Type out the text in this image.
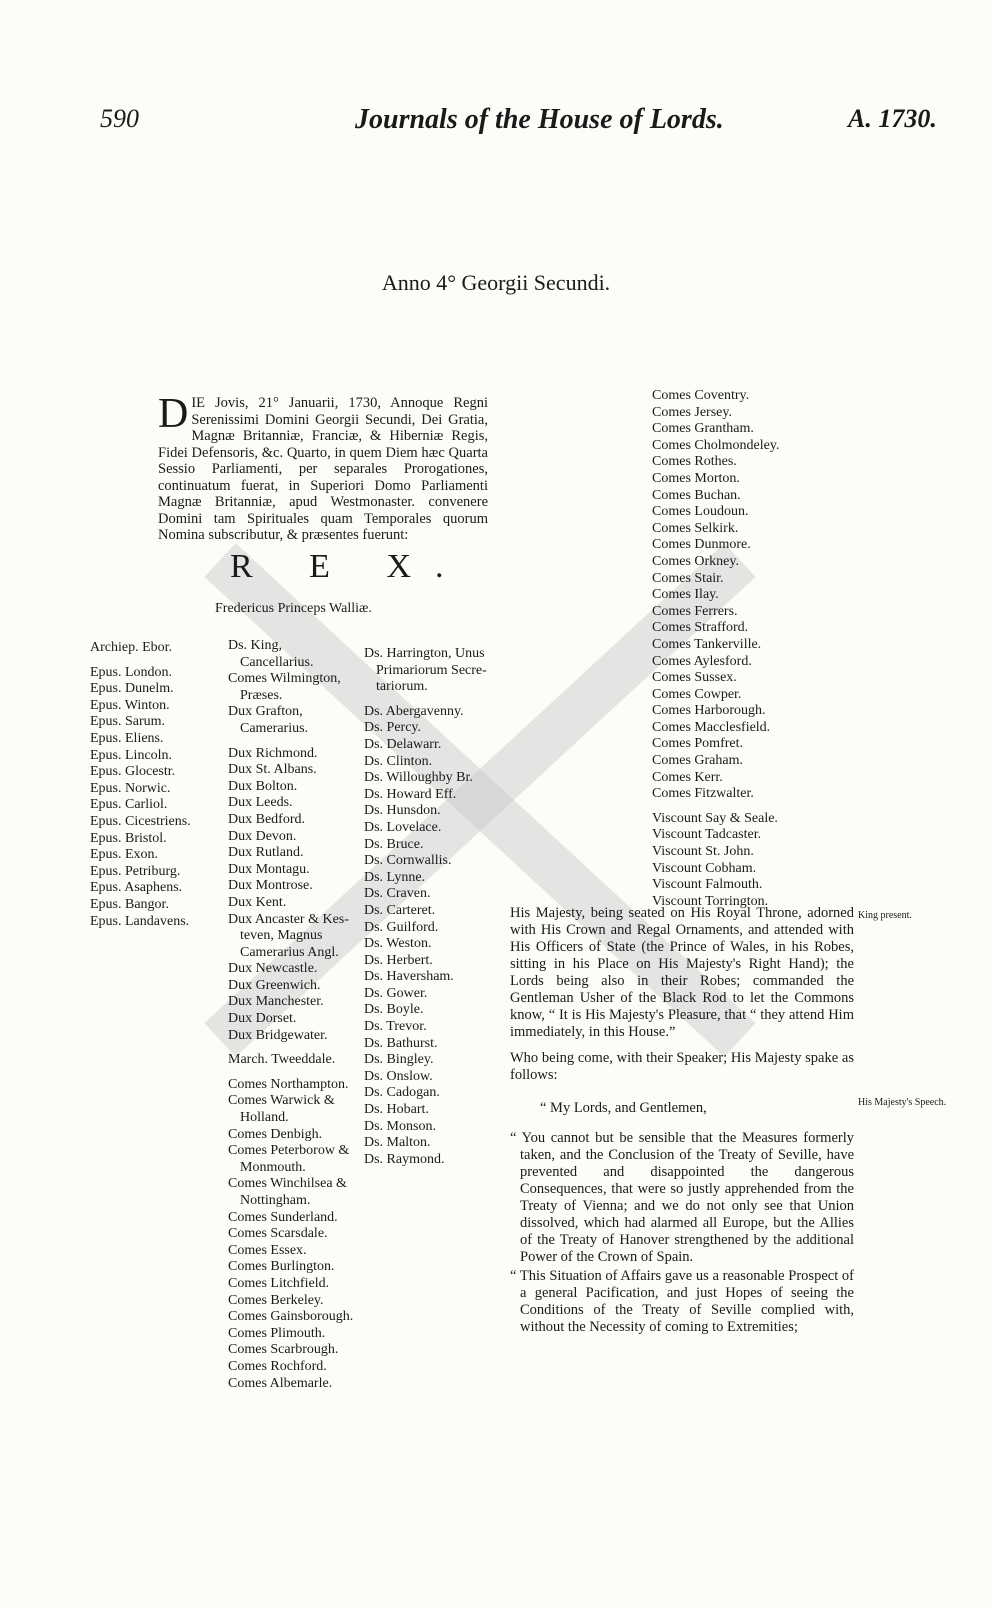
590	Journals of the House of Lords.	A. 1730.
Anno 4° Georgii Secundi.
DIE Jovis, 21° Januarii, 1730, Annoque Regni Serenissimi Domini Georgii Secundi, Dei Gratia, Magnæ Britanniæ, Franciæ, & Hiberniæ Regis, Fidei Defensoris, &c. Quarto, in quem Diem hæc Quarta Sessio Parliamenti, per separales Prorogationes, continuatum fuerat, in Superiori Domo Parliamenti Magnæ Britanniæ, apud Westmonaster. convenere Domini tam Spirituales quam Temporales quorum Nomina subscributur, & præsentes fuerunt:
R E X.
Fredericus Princeps Walliæ.
Archiep. Ebor.
Epus. London.
Epus. Dunelm.
Epus. Winton.
Epus. Sarum.
Epus. Eliens.
Epus. Lincoln.
Epus. Glocestr.
Epus. Norwic.
Epus. Carliol.
Epus. Cicestriens.
Epus. Bristol.
Epus. Exon.
Epus. Petriburg.
Epus. Asaphens.
Epus. Bangor.
Epus. Landavens.
Ds. King,
Cancellarius.
Comes Wilmington,
Præses.
Dux Grafton,
Camerarius.
Dux Richmond.
Dux St. Albans.
Dux Bolton.
Dux Leeds.
Dux Bedford.
Dux Devon.
Dux Rutland.
Dux Montagu.
Dux Montrose.
Dux Kent.
Dux Ancaster & Kes-
teven, Magnus
Camerarius Angl.
Dux Newcastle.
Dux Greenwich.
Dux Manchester.
Dux Dorset.
Dux Bridgewater.
March. Tweeddale.
Comes Northampton.
Comes Warwick &
Holland.
Comes Denbigh.
Comes Peterborow &
Monmouth.
Comes Winchilsea &
Nottingham.
Comes Sunderland.
Comes Scarsdale.
Comes Essex.
Comes Burlington.
Comes Litchfield.
Comes Berkeley.
Comes Gainsborough.
Comes Plimouth.
Comes Scarbrough.
Comes Rochford.
Comes Albemarle.
Ds. Harrington, Unus
Primariorum Secre-
tariorum.
Ds. Abergavenny.
Ds. Percy.
Ds. Delawarr.
Ds. Clinton.
Ds. Willoughby Br.
Ds. Howard Eff.
Ds. Hunsdon.
Ds. Lovelace.
Ds. Bruce.
Ds. Cornwallis.
Ds. Lynne.
Ds. Craven.
Ds. Carteret.
Ds. Guilford.
Ds. Weston.
Ds. Herbert.
Ds. Haversham.
Ds. Gower.
Ds. Boyle.
Ds. Trevor.
Ds. Bathurst.
Ds. Bingley.
Ds. Onslow.
Ds. Cadogan.
Ds. Hobart.
Ds. Monson.
Ds. Malton.
Ds. Raymond.
Comes Coventry.
Comes Jersey.
Comes Grantham.
Comes Cholmondeley.
Comes Rothes.
Comes Morton.
Comes Buchan.
Comes Loudoun.
Comes Selkirk.
Comes Dunmore.
Comes Orkney.
Comes Stair.
Comes Ilay.
Comes Ferrers.
Comes Strafford.
Comes Tankerville.
Comes Aylesford.
Comes Sussex.
Comes Cowper.
Comes Harborough.
Comes Macclesfield.
Comes Pomfret.
Comes Graham.
Comes Kerr.
Comes Fitzwalter.
Viscount Say & Seale.
Viscount Tadcaster.
Viscount St. John.
Viscount Cobham.
Viscount Falmouth.
Viscount Torrington.
His Majesty, being seated on His Royal Throne, adorned with His Crown and Regal Ornaments, and attended with His Officers of State (the Prince of Wales, in his Robes, sitting in his Place on His Majesty's Right Hand); the Lords being also in their Robes; commanded the Gentleman Usher of the Black Rod to let the Commons know, “ It is His Majesty's Pleasure, that “ they attend Him immediately, in this House.”
King present.
Who being come, with their Speaker; His Majesty spake as follows:
“ My Lords, and Gentlemen,	His Majesty's Speech.
“ You cannot but be sensible that the Measures formerly taken, and the Conclusion of the Treaty of Seville, have prevented and disappointed the dangerous Consequences, that were so justly apprehended from the Treaty of Vienna; and we do not only see that Union dissolved, which had alarmed all Europe, but the Allies of the Treaty of Hanover strengthened by the additional Power of the Crown of Spain.
“ This Situation of Affairs gave us a reasonable Prospect of a general Pacification, and just Hopes of seeing the Conditions of the Treaty of Seville complied with, without the Necessity of coming to Extremities;
